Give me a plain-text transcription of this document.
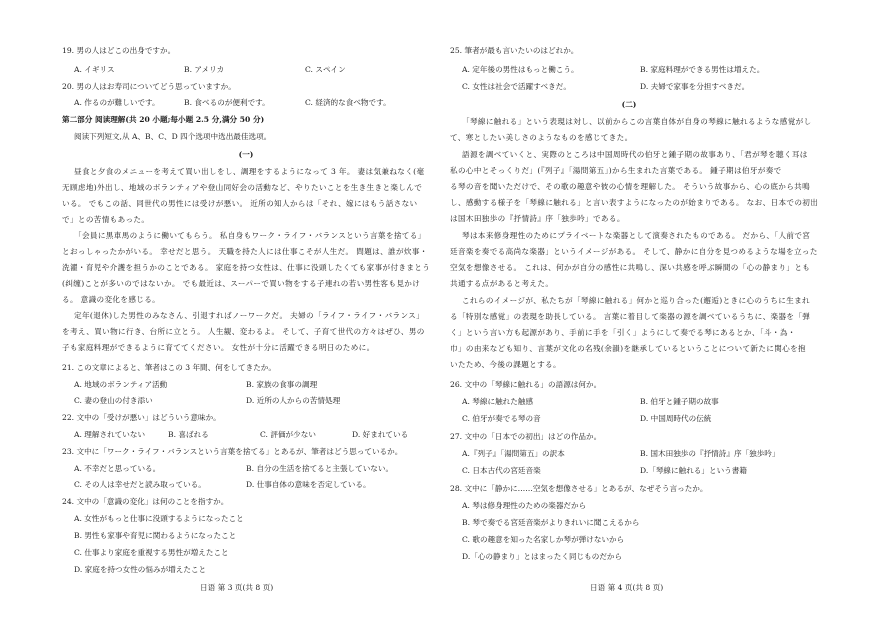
19. 男の人はどこの出身ですか。
A. イギリス	B. アメリカ	C. スペイン
20. 男の人はお寿司についてどう思っていますか。
A. 作るのが難しいです。	B. 食べるのが便利です。	C. 経済的な食べ物です。
第二部分 阅读理解(共 20 小题;每小题 2.5 分,满分 50 分)
阅读下列短文,从 A、B、C、D 四个选项中选出最佳选项。
(一)
昼食と夕食のメニューを考えて買い出しをし、調理をするようになって 3 年。 妻は気兼ねなく(毫
无顾虑地)外出し、地域のボランティアや登山同好会の活動など、やりたいことを生き生きと楽しんで
いる。 でもこの話、同世代の男性には受けが悪い。 近所の知人からは「それ、嫁にはもう話さない
で」との苦情もあった。
「会員に黒車馬のように働いてもらう。 私自身もワーク・ライフ・バランスという言葉を捨てる」
とおっしゃったかがいる。 幸せだと思う。 天職を持た人には仕事こそが人生だ。 問題は、誰が炊事・
洗濯・育児や介護を担うかのことである。 家庭を持つ女性は、仕事に没頭したくても家事が付きまとう
(纠缠)ことが多いのではないか。 でも最近は、スーパーで買い物をする子連れの若い男性客も見かけ
る。 意識の変化を感じる。
定年(退休)した男性のみなさん、引退すればノーワークだ。 夫婦の「ライフ・ライフ・バランス」
を考え、買い物に行き、台所に立とう。 人生観、変わるよ。 そして、子育て世代の方々はぜひ、男の
子も家庭料理ができるように育ててください。 女性が十分に活躍できる明日のために。
21. この文章によると、筆者はこの 3 年間、何をしてきたか。
A. 地域のボランティア活動	B. 家族の食事の調理
C. 妻の登山の付き添い	D. 近所の人からの苦情処理
22. 文中の「受けが悪い」はどういう意味か。
A. 理解されていない	B. 喜ばれる	C. 評価が少ない	D. 好まれている
23. 文中に「ワーク・ライフ・バランスという言葉を捨てる」とあるが、筆者はどう思っているか。
A. 不幸だと思っている。	B. 自分の生活を捨てると主張していない。
C. その人は幸せだと読み取っている。	D. 仕事自体の意味を否定している。
24. 文中の「意識の変化」は何のことを指すか。
A. 女性がもっと仕事に没頭するようになったこと
B. 男性も家事や育児に関わるようになったこと
C. 仕事より家庭を重視する男性が増えたこと
D. 家庭を持つ女性の悩みが増えたこと
日语 第 3 页(共 8 页)
25. 筆者が最も言いたいのはどれか。
A. 定年後の男性はもっと働こう。	B. 家庭料理ができる男性は増えた。
C. 女性は社会で活躍すべきだ。	D. 夫婦で家事を分担すべきだ。
(二)
「琴線に触れる」という表現は対し、以前からこの言葉自体が自身の琴線に触れるような感覚がし
て、寒としたい美しさのようなものを感じてきた。
語源を調べていくと、実際のところは中国周時代の伯牙と鍾子期の故事あり、「君が琴を聴く耳は
私の心中とそっくりだ」(『列子』「湯問第五」)から生まれた言葉である。 鍾子期は伯牙が奏で
る琴の音を聞いただけで、その歌の趣意や彼の心情を理解した。 そういう故事から、心の底から共鳴
し、感動する様子を「琴線に触れる」と言い表すようになったのが始まりである。 なお、日本での初出
は国木田独歩の『抒情詩』序「独歩吟」である。
琴は本来修身理性のためにプライベートな楽器として演奏されたものである。 だから、「人前で宮
廷音楽を奏でる高尚な楽器」というイメージがある。 そして、静かに自分を見つめるような場を立った
空気を想像させる。 これは、何かが自分の感性に共鳴し、深い共感を呼ぶ瞬間の「心の静まり」とも
共通する点があると考えた。
これらのイメージが、私たちが「琴線に触れる」何かと巡り合った(邂逅)ときに心のうちに生まれ
る「特別な感覚」の表現を助長している。 言葉に着目して楽器の源を調べているうちに、楽器を「弾
く」という言い方も起源があり、手前に手を「引く」ようにして奏でる琴にあるとか、「斗・為・
巾」の由来なども知り、言葉が文化の名残(余韻)を継承しているということについて新たに関心を抱
いたため、今後の課題とする。
26. 文中の「琴線に触れる」の語源は何か。
A. 琴線に触れた触感	B. 伯牙と鍾子期の故事
C. 伯牙が奏でる琴の音	D. 中国周時代の伝統
27. 文中の「日本での初出」はどの作品か。
A.『列子』「湯問第五」の訳本	B. 国木田独歩の『抒情詩』序「独歩吟」
C. 日本古代の宮廷音楽	D.「琴線に触れる」という書籍
28. 文中に「静かに……空気を想像させる」とあるが、なぜそう言ったか。
A. 琴は修身理性のための楽器だから
B. 琴で奏でる宮廷音楽がよりきれいに聞こえるから
C. 歌の趣意を知った名家しか琴が弾けないから
D.「心の静まり」とはまったく同じものだから
日语 第 4 页(共 8 页)
